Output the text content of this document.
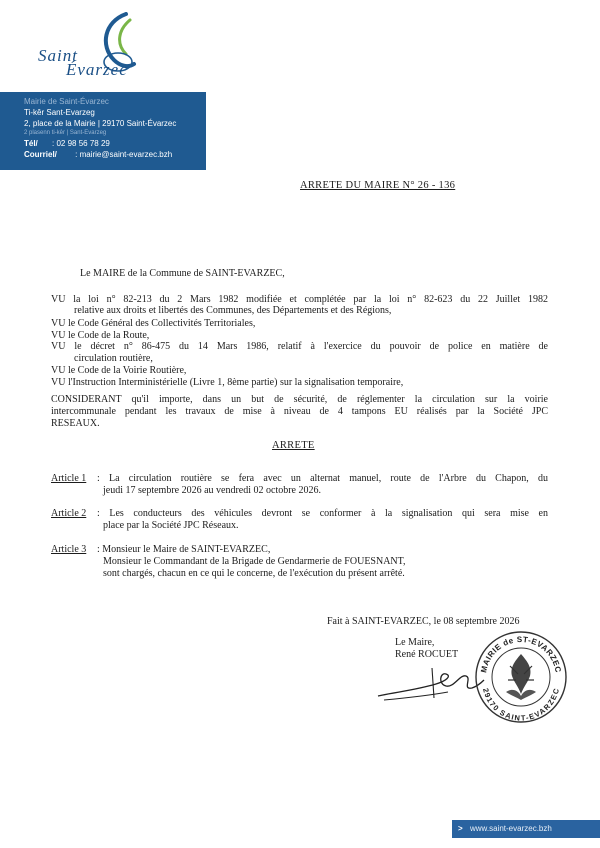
Saint
Évarzec
Mairie de Saint-Évarzec
Ti-kêr Sant-Evarzeg
2, place de la Mairie | 29170 Saint-Évarzec
2 plasenn ti-kêr | Sant-Evarzeg
Tél/ : 02 98 56 78 29
Courriel/ : mairie@saint-evarzec.bzh
ARRETE DU MAIRE N° 26 - 136
Le MAIRE de la Commune de SAINT-EVARZEC,
VU la loi n° 82-213 du 2 Mars 1982 modifiée et complétée par la loi n° 82-623 du 22 Juillet 1982
relative aux droits et libertés des Communes, des Départements et des Régions,
VU le Code Général des Collectivités Territoriales,
VU le Code de la Route,
VU le décret n° 86-475 du 14 Mars 1986, relatif à l'exercice du pouvoir de police en matière de
circulation routière,
VU le Code de la Voirie Routière,
VU l'Instruction Interministérielle (Livre 1, 8ème partie) sur la signalisation temporaire,
CONSIDERANT qu'il importe, dans un but de sécurité, de réglementer la circulation sur la voirie
intercommunale pendant les travaux de mise à niveau de 4 tampons EU réalisés par la Société JPC
RESEAUX.
ARRETE
Article 1 : La circulation routière se fera avec un alternat manuel, route de l'Arbre du Chapon, du
jeudi 17 septembre 2026 au vendredi 02 octobre 2026.
Article 2 : Les conducteurs des véhicules devront se conformer à la signalisation qui sera mise en
place par la Société JPC Réseaux.
Article 3 : Monsieur le Maire de SAINT-EVARZEC,
Monsieur le Commandant de la Brigade de Gendarmerie de FOUESNANT,
sont chargés, chacun en ce qui le concerne, de l'exécution du présent arrêté.
Fait à SAINT-EVARZEC, le 08 septembre 2026
Le Maire,
René ROCUET
MAIRIE de ST-EVARZEC
29170 SAINT-EVARZEC
> www.saint-evarzec.bzh
